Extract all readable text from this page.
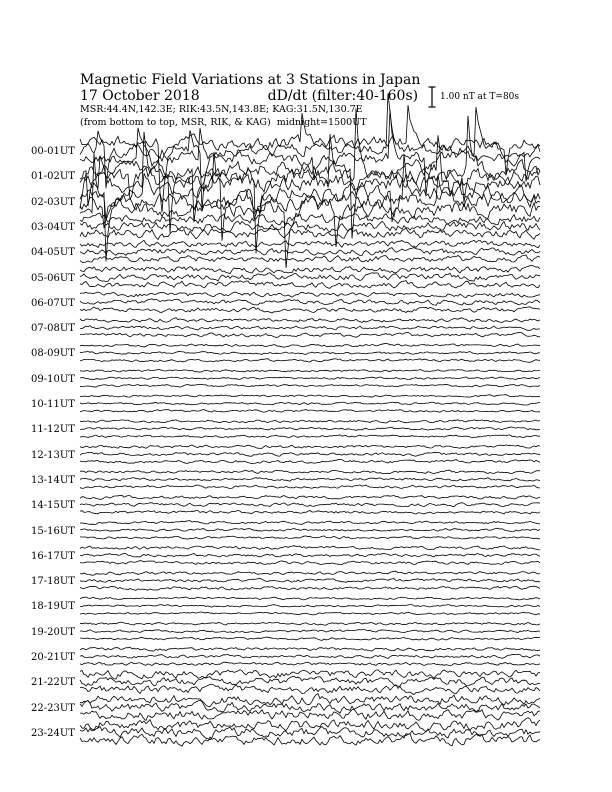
Magnetic Field Variations at 3 Stations in Japan
17 October 2018	dD/dt (filter:40-160s)
MSR:44.4N,142.3E; RIK:43.5N,143.8E; KAG:31.5N,130.7E
(from bottom to top, MSR, RIK, & KAG) midnight=1500UT
1.00 nT at T=80s
00-01UT
01-02UT
02-03UT
03-04UT
04-05UT
05-06UT
06-07UT
07-08UT
08-09UT
09-10UT
10-11UT
11-12UT
12-13UT
13-14UT
14-15UT
15-16UT
16-17UT
17-18UT
18-19UT
19-20UT
20-21UT
21-22UT
22-23UT
23-24UT
